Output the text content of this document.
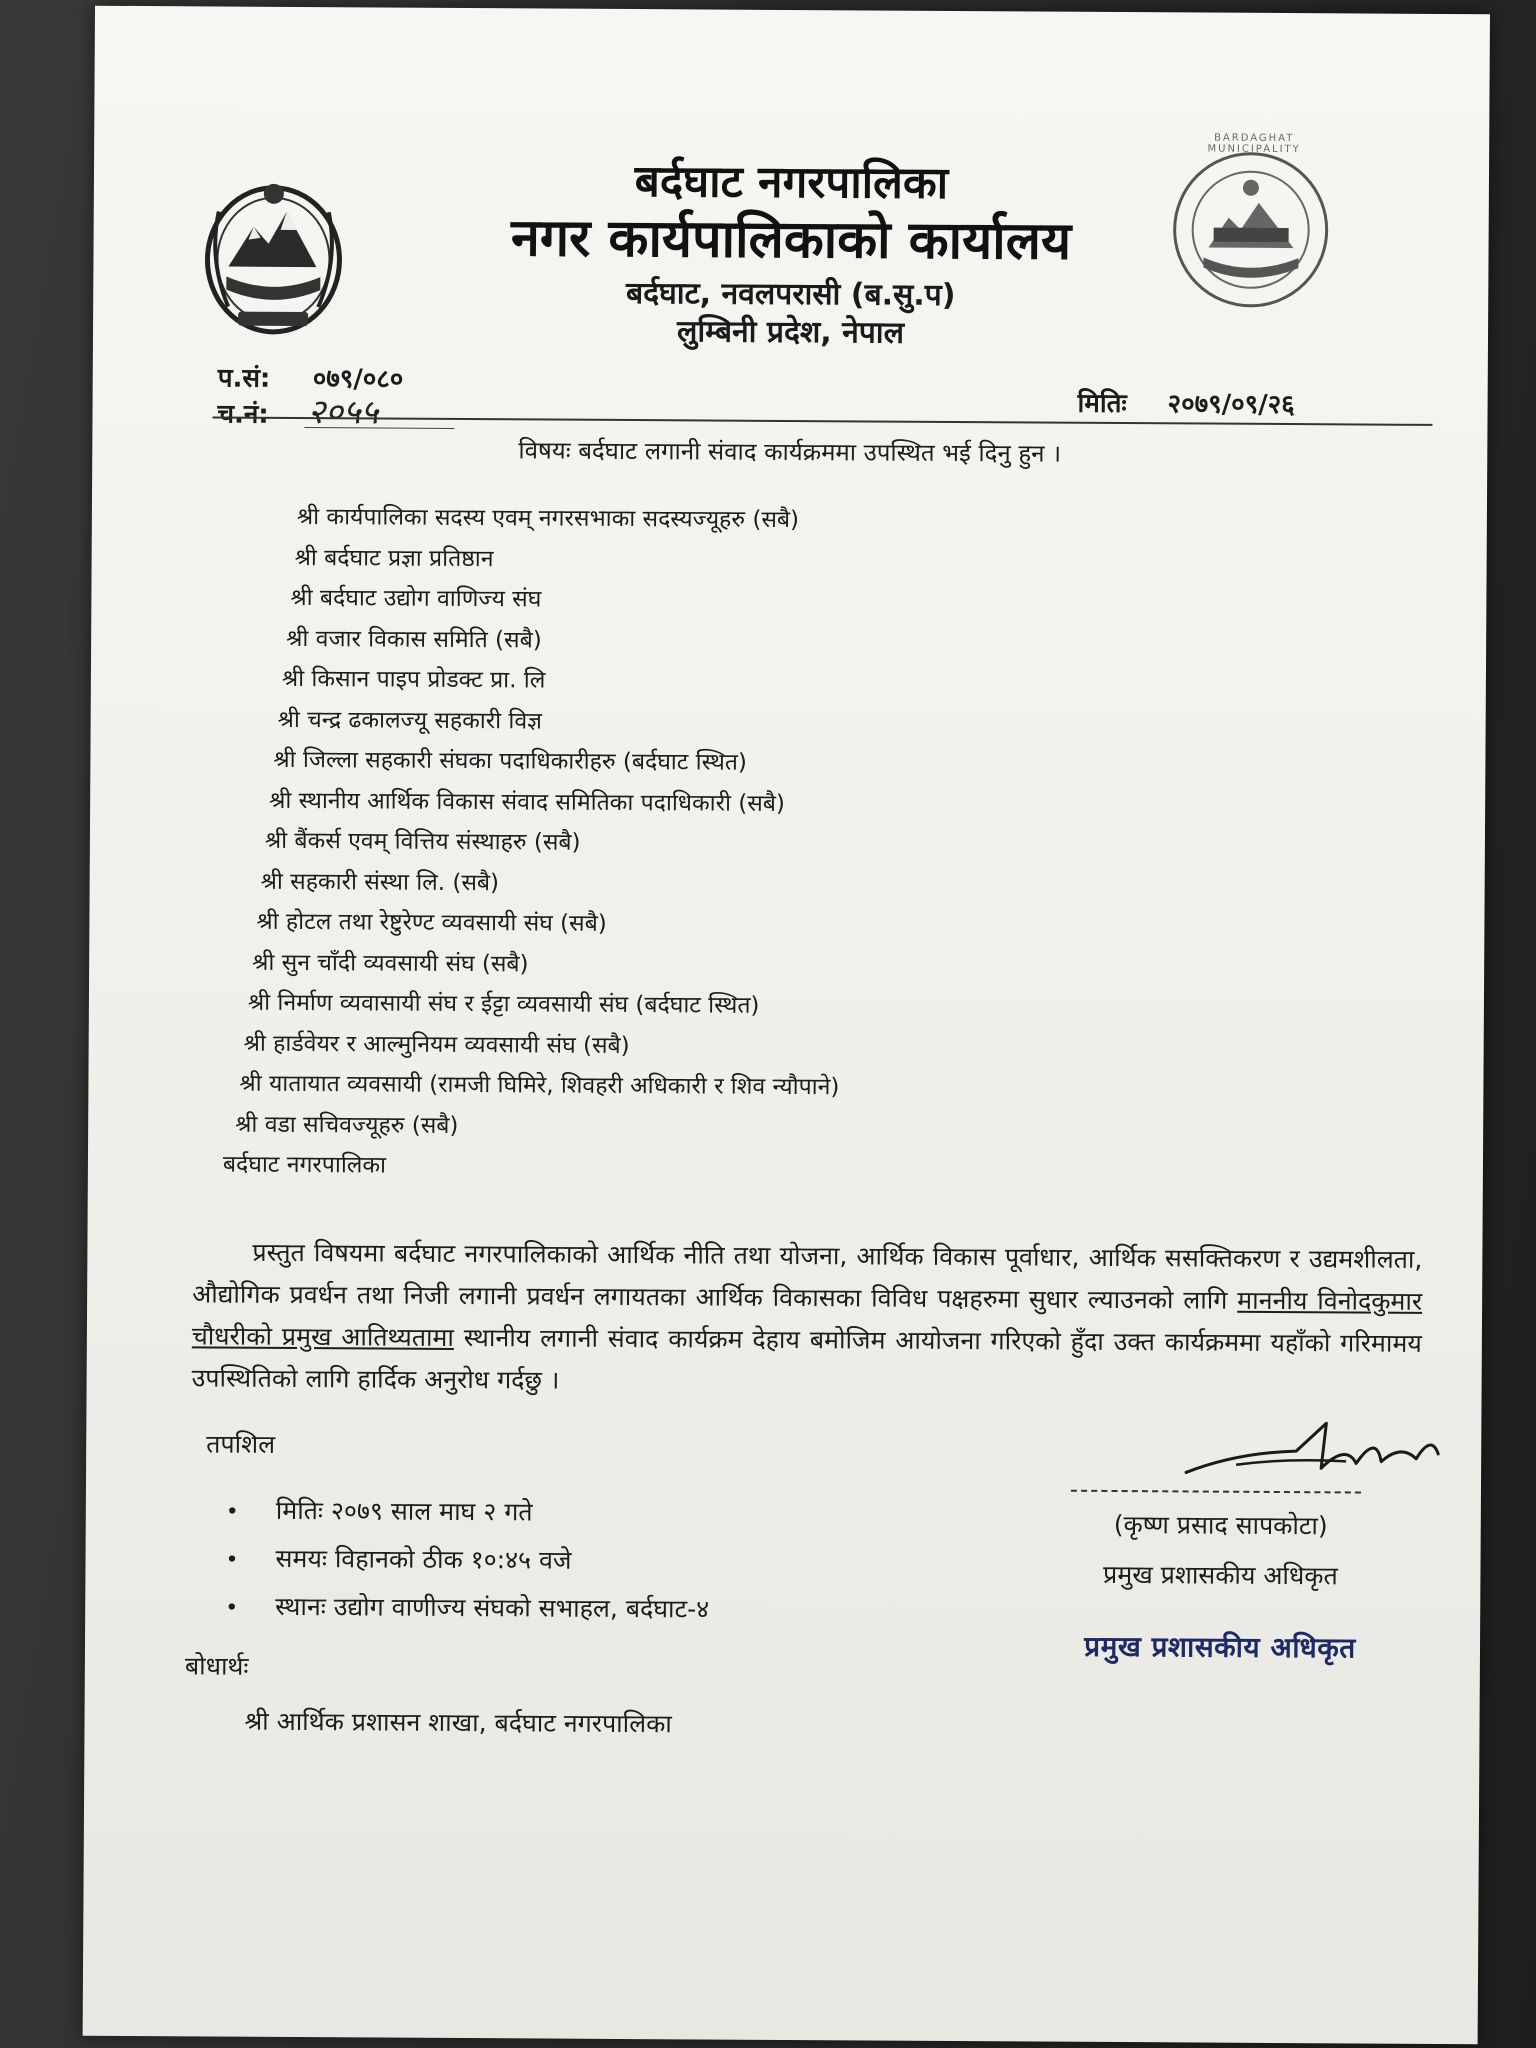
BARDAGHAT MUNICIPALITY
बर्दघाट नगरपालिका
नगर कार्यपालिकाको कार्यालय
बर्दघाट, नवलपरासी (ब.सु.प)
लुम्बिनी प्रदेश, नेपाल
प.सं: ०७९/०८०
च.नं: २०५५	मितिः २०७९/०९/२६
विषयः बर्दघाट लगानी संवाद कार्यक्रममा उपस्थित भई दिनु हुन ।
श्री कार्यपालिका सदस्य एवम् नगरसभाका सदस्यज्यूहरु (सबै)
श्री बर्दघाट प्रज्ञा प्रतिष्ठान
श्री बर्दघाट उद्योग वाणिज्य संघ
श्री वजार विकास समिति (सबै)
श्री किसान पाइप प्रोडक्ट प्रा. लि
श्री चन्द्र ढकालज्यू सहकारी विज्ञ
श्री जिल्ला सहकारी संघका पदाधिकारीहरु (बर्दघाट स्थित)
श्री स्थानीय आर्थिक विकास संवाद समितिका पदाधिकारी (सबै)
श्री बैंकर्स एवम् वित्तिय संस्थाहरु (सबै)
श्री सहकारी संस्था लि. (सबै)
श्री होटल तथा रेष्टुरेण्ट व्यवसायी संघ (सबै)
श्री सुन चाँदी व्यवसायी संघ (सबै)
श्री निर्माण व्यवासायी संघ र ईट्टा व्यवसायी संघ (बर्दघाट स्थित)
श्री हार्डवेयर र आल्मुनियम व्यवसायी संघ (सबै)
श्री यातायात व्यवसायी (रामजी घिमिरे, शिवहरी अधिकारी र शिव न्यौपाने)
श्री वडा सचिवज्यूहरु (सबै)
बर्दघाट नगरपालिका
प्रस्तुत विषयमा बर्दघाट नगरपालिकाको आर्थिक नीति तथा योजना, आर्थिक विकास पूर्वाधार, आर्थिक ससक्तिकरण र उद्यमशीलता, औद्योगिक प्रवर्धन तथा निजी लगानी प्रवर्धन लगायतका आर्थिक विकासका विविध पक्षहरुमा सुधार ल्याउनको लागि माननीय विनोदकुमार चौधरीको प्रमुख आतिथ्यतामा स्थानीय लगानी संवाद कार्यक्रम देहाय बमोजिम आयोजना गरिएको हुँदा उक्त कार्यक्रममा यहाँको गरिमामय उपस्थितिको लागि हार्दिक अनुरोध गर्दछु ।
तपशिल
• मितिः २०७९ साल माघ २ गते
• समयः विहानको ठीक १०:४५ वजे
• स्थानः उद्योग वाणीज्य संघको सभाहल, बर्दघाट-४
बोधार्थः
श्री आर्थिक प्रशासन शाखा, बर्दघाट नगरपालिका
(कृष्ण प्रसाद सापकोटा)
प्रमुख प्रशासकीय अधिकृत
प्रमुख प्रशासकीय अधिकृत
